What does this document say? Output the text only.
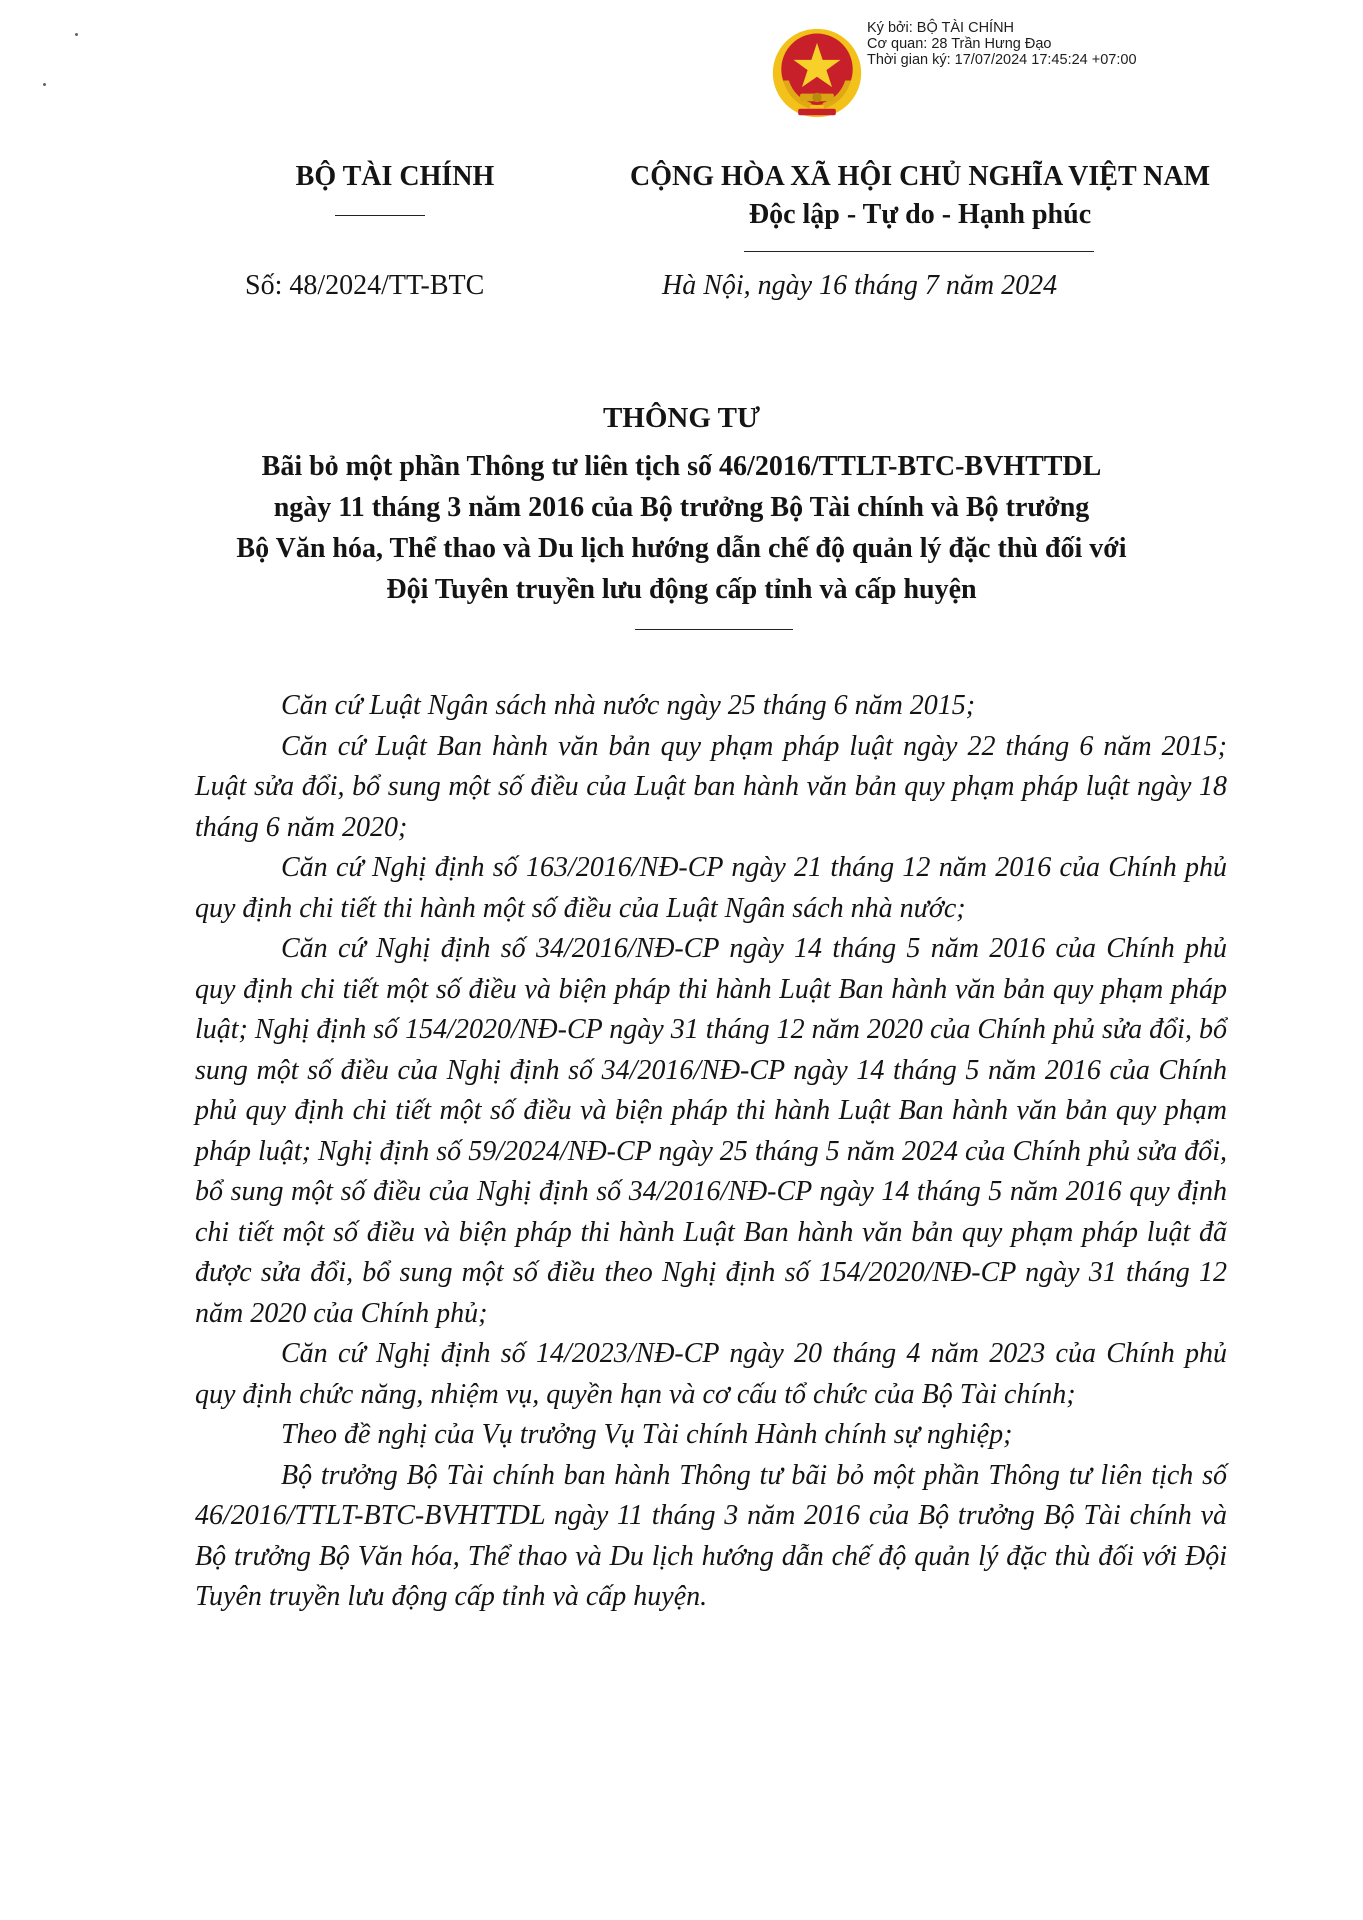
Ký bởi: BỘ TÀI CHÍNH
Cơ quan: 28 Trần Hưng Đạo
Thời gian ký: 17/07/2024 17:45:24 +07:00
BỘ TÀI CHÍNH	CỘNG HÒA XÃ HỘI CHỦ NGHĨA VIỆT NAM
Độc lập - Tự do - Hạnh phúc
Số: 48/2024/TT-BTC	Hà Nội, ngày 16 tháng 7 năm 2024
THÔNG TƯ
Bãi bỏ một phần Thông tư liên tịch số 46/2016/TTLT-BTC-BVHTTDL
ngày 11 tháng 3 năm 2016 của Bộ trưởng Bộ Tài chính và Bộ trưởng
Bộ Văn hóa, Thể thao và Du lịch hướng dẫn chế độ quản lý đặc thù đối với
Đội Tuyên truyền lưu động cấp tỉnh và cấp huyện

Căn cứ Luật Ngân sách nhà nước ngày 25 tháng 6 năm 2015;

Căn cứ Luật Ban hành văn bản quy phạm pháp luật ngày 22 tháng 6 năm 2015; Luật sửa đổi, bổ sung một số điều của Luật ban hành văn bản quy phạm pháp luật ngày 18 tháng 6 năm 2020;

Căn cứ Nghị định số 163/2016/NĐ-CP ngày 21 tháng 12 năm 2016 của Chính phủ quy định chi tiết thi hành một số điều của Luật Ngân sách nhà nước;

Căn cứ Nghị định số 34/2016/NĐ-CP ngày 14 tháng 5 năm 2016 của Chính phủ quy định chi tiết một số điều và biện pháp thi hành Luật Ban hành văn bản quy phạm pháp luật; Nghị định số 154/2020/NĐ-CP ngày 31 tháng 12 năm 2020 của Chính phủ sửa đổi, bổ sung một số điều của Nghị định số 34/2016/NĐ-CP ngày 14 tháng 5 năm 2016 của Chính phủ quy định chi tiết một số điều và biện pháp thi hành Luật Ban hành văn bản quy phạm pháp luật; Nghị định số 59/2024/NĐ-CP ngày 25 tháng 5 năm 2024 của Chính phủ sửa đổi, bổ sung một số điều của Nghị định số 34/2016/NĐ-CP ngày 14 tháng 5 năm 2016 quy định chi tiết một số điều và biện pháp thi hành Luật Ban hành văn bản quy phạm pháp luật đã được sửa đổi, bổ sung một số điều theo Nghị định số 154/2020/NĐ-CP ngày 31 tháng 12 năm 2020 của Chính phủ;

Căn cứ Nghị định số 14/2023/NĐ-CP ngày 20 tháng 4 năm 2023 của Chính phủ quy định chức năng, nhiệm vụ, quyền hạn và cơ cấu tổ chức của Bộ Tài chính;

Theo đề nghị của Vụ trưởng Vụ Tài chính Hành chính sự nghiệp;

Bộ trưởng Bộ Tài chính ban hành Thông tư bãi bỏ một phần Thông tư liên tịch số 46/2016/TTLT-BTC-BVHTTDL ngày 11 tháng 3 năm 2016 của Bộ trưởng Bộ Tài chính và Bộ trưởng Bộ Văn hóa, Thể thao và Du lịch hướng dẫn chế độ quản lý đặc thù đối với Đội Tuyên truyền lưu động cấp tỉnh và cấp huyện.
